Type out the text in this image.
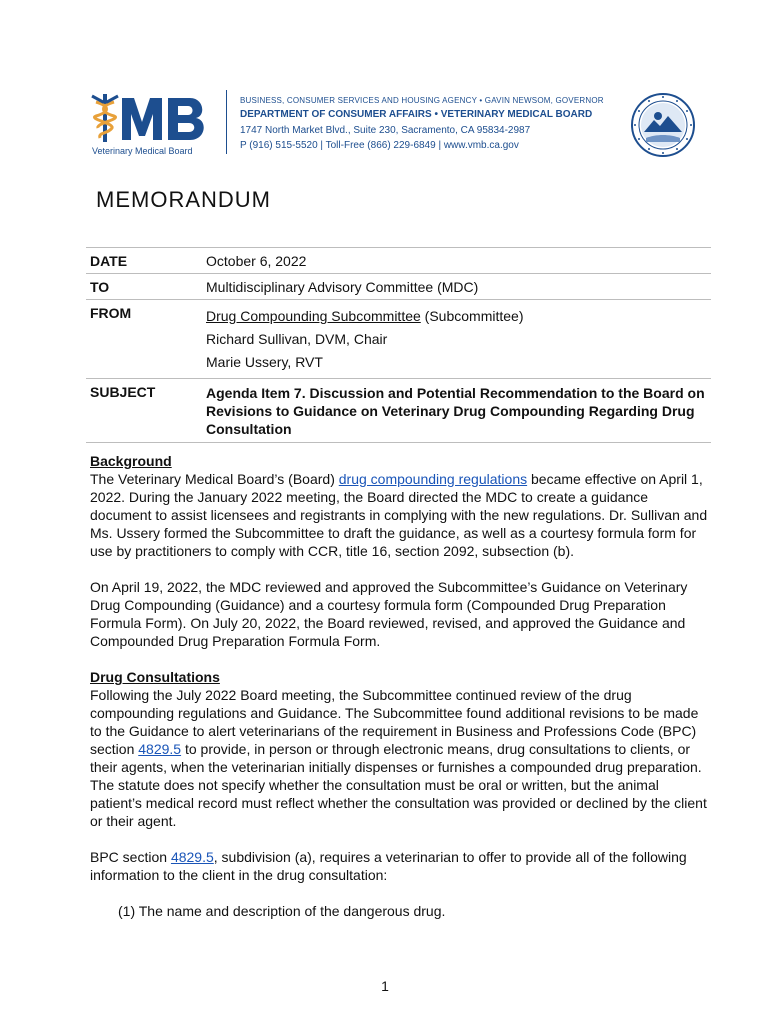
Veterinary Medical Board
BUSINESS, CONSUMER SERVICES AND HOUSING AGENCY • GAVIN NEWSOM, GOVERNOR
DEPARTMENT OF CONSUMER AFFAIRS • VETERINARY MEDICAL BOARD
1747 North Market Blvd., Suite 230, Sacramento, CA 95834-2987
P (916) 515-5520 | Toll-Free (866) 229-6849 | www.vmb.ca.gov
MEMORANDUM
DATE	October 6, 2022
TO	Multidisciplinary Advisory Committee (MDC)
FROM	Drug Compounding Subcommittee (Subcommittee)
Richard Sullivan, DVM, Chair
Marie Ussery, RVT

SUBJECT	Agenda Item 7. Discussion and Potential Recommendation to the Board on Revisions to Guidance on Veterinary Drug Compounding Regarding Drug Consultation
Background

The Veterinary Medical Board’s (Board) drug compounding regulations became effective on April 1, 2022. During the January 2022 meeting, the Board directed the MDC to create a guidance document to assist licensees and registrants in complying with the new regulations. Dr. Sullivan and Ms. Ussery formed the Subcommittee to draft the guidance, as well as a courtesy formula form for use by practitioners to comply with CCR, title 16, section 2092, subsection (b).

On April 19, 2022, the MDC reviewed and approved the Subcommittee’s Guidance on Veterinary Drug Compounding (Guidance) and a courtesy formula form (Compounded Drug Preparation Formula Form). On July 20, 2022, the Board reviewed, revised, and approved the Guidance and Compounded Drug Preparation Formula Form.

Drug Consultations

Following the July 2022 Board meeting, the Subcommittee continued review of the drug compounding regulations and Guidance. The Subcommittee found additional revisions to be made to the Guidance to alert veterinarians of the requirement in Business and Professions Code (BPC) section 4829.5 to provide, in person or through electronic means, drug consultations to clients, or their agents, when the veterinarian initially dispenses or furnishes a compounded drug preparation. The statute does not specify whether the consultation must be oral or written, but the animal patient’s medical record must reflect whether the consultation was provided or declined by the client or their agent.

BPC section 4829.5, subdivision (a), requires a veterinarian to offer to provide all of the following information to the client in the drug consultation:

(1) The name and description of the dangerous drug.

1
